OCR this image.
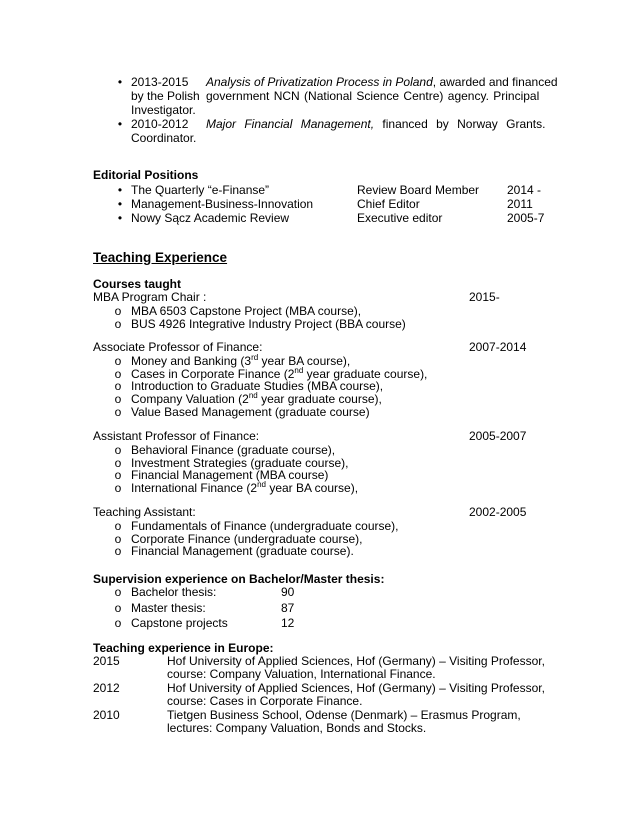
• 2013-2015 Analysis of Privatization Process in Poland, awarded and financed
by the Polish government NCN (National Science Centre) agency. Principal
Investigator.
• 2010-2012 Major Financial Management, financed by Norway Grants.
Coordinator.
Editorial Positions
• The Quarterly “e-Finanse”	Review Board Member 2014 -
• Management-Business-Innovation	Chief Editor	2011
• Nowy Sącz Academic Review	Executive editor	2005-7
Teaching Experience
Courses taught
MBA Program Chair :	2015-
o MBA 6503 Capstone Project (MBA course),
o BUS 4926 Integrative Industry Project (BBA course)
Associate Professor of Finance:	2007-2014
o Money and Banking (3rd year BA course),
o Cases in Corporate Finance (2nd year graduate course),
o Introduction to Graduate Studies (MBA course),
o Company Valuation (2nd year graduate course),
o Value Based Management (graduate course)
Assistant Professor of Finance:	2005-2007
o Behavioral Finance (graduate course),
o Investment Strategies (graduate course),
o Financial Management (MBA course)
o International Finance (2nd year BA course),
Teaching Assistant:	2002-2005
o Fundamentals of Finance (undergraduate course),
o Corporate Finance (undergraduate course),
o Financial Management (graduate course).
Supervision experience on Bachelor/Master thesis:
o Bachelor thesis:	90
o Master thesis:	87
o Capstone projects	12
Teaching experience in Europe:
2015	Hof University of Applied Sciences, Hof (Germany) – Visiting Professor,
course: Company Valuation, International Finance.
2012	Hof University of Applied Sciences, Hof (Germany) – Visiting Professor,
course: Cases in Corporate Finance.
2010	Tietgen Business School, Odense (Denmark) – Erasmus Program,
lectures: Company Valuation, Bonds and Stocks.
